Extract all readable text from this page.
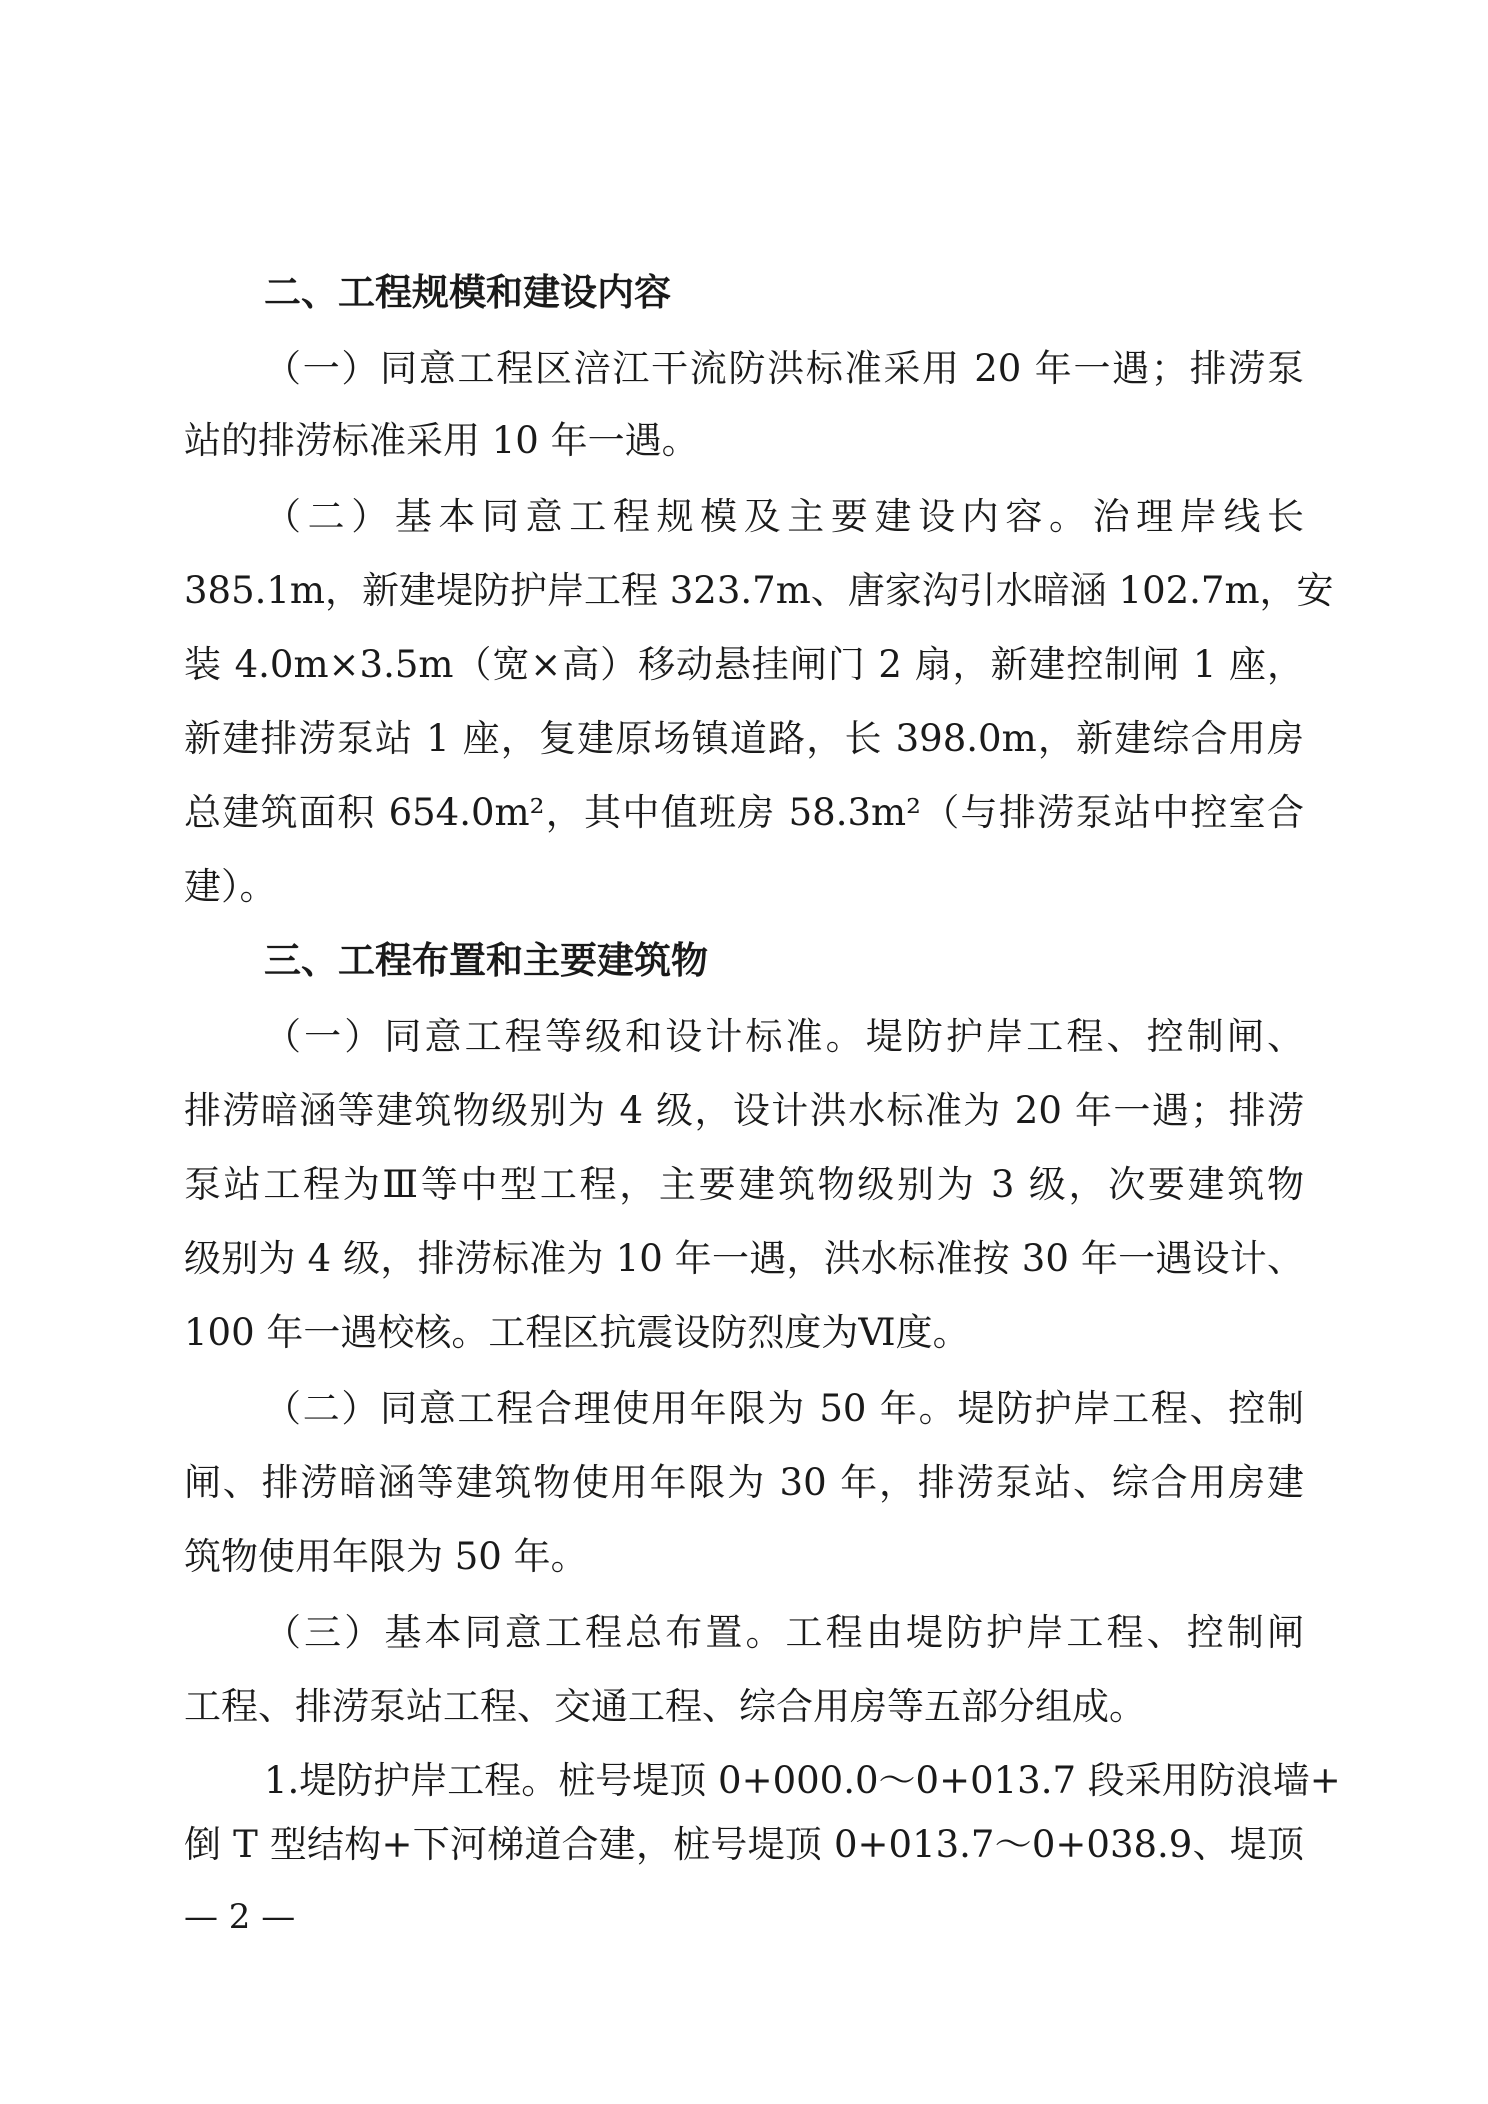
二、工程规模和建设内容
（一）同意工程区涪江干流防洪标准采用 20 年一遇；排涝泵
站的排涝标准采用 10 年一遇。
（二）基本同意工程规模及主要建设内容。治理岸线长
385.1m，新建堤防护岸工程 323.7m、唐家沟引水暗涵 102.7m，安
装 4.0m×3.5m（宽×高）移动悬挂闸门 2 扇，新建控制闸 1 座，
新建排涝泵站 1 座，复建原场镇道路，长 398.0m，新建综合用房
总建筑面积 654.0m²，其中值班房 58.3m²（与排涝泵站中控室合
建）。
三、工程布置和主要建筑物
（一）同意工程等级和设计标准。堤防护岸工程、控制闸、
排涝暗涵等建筑物级别为 4 级，设计洪水标准为 20 年一遇；排涝
泵站工程为Ⅲ等中型工程，主要建筑物级别为 3 级，次要建筑物
级别为 4 级，排涝标准为 10 年一遇，洪水标准按 30 年一遇设计、
100 年一遇校核。工程区抗震设防烈度为Ⅵ度。
（二）同意工程合理使用年限为 50 年。堤防护岸工程、控制
闸、排涝暗涵等建筑物使用年限为 30 年，排涝泵站、综合用房建
筑物使用年限为 50 年。
（三）基本同意工程总布置。工程由堤防护岸工程、控制闸
工程、排涝泵站工程、交通工程、综合用房等五部分组成。
1.堤防护岸工程。桩号堤顶 0+000.0～0+013.7 段采用防浪墙+
倒 T 型结构+下河梯道合建，桩号堤顶 0+013.7～0+038.9、堤顶
— 2 —
